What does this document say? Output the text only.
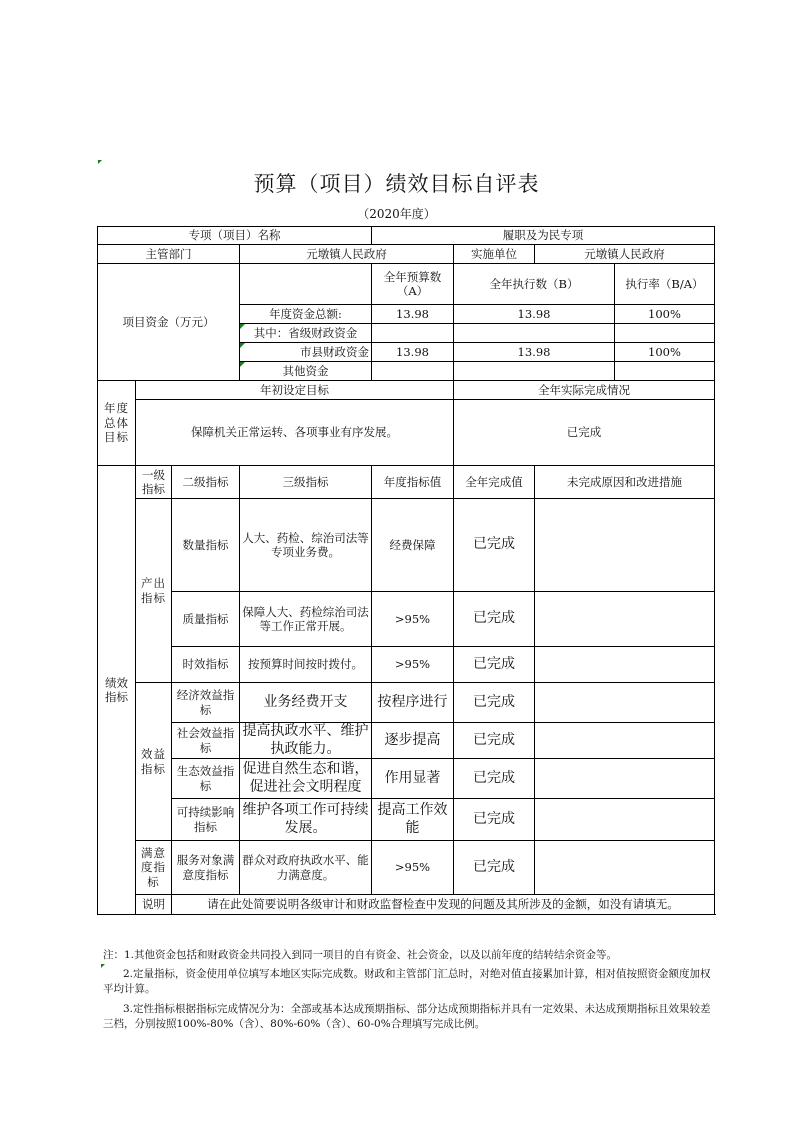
预算（项目）绩效目标自评表
（2020年度）
专项（项目）名称				履职及为民专项			
主管部门			元墩镇人民政府		实施单位	元墩镇人民政府	
项目资金（万元）				全年预算数（A）	全年执行数（B）		执行率（B/A）
			年度资金总额:	13.98	13.98		100%

其中：省级财政资金				

市县财政资金	13.98	13.98		100%

其他资金				
年度总体目标	年初设定目标				全年实际完成情况		
	保障机关正常运转、各项事业有序发展。				已完成		
绩效指标	一级指标	二级指标	三级指标	年度指标值	全年完成值	未完成原因和改进措施	
	产出指标	数量指标	人大、药检、综治司法等专项业务费。	经费保障	已完成		
		质量指标	保障人大、药检综治司法等工作正常开展。	>95%	已完成		
		时效指标	按预算时间按时拨付。	>95%	已完成		
	效益指标	经济效益指标	业务经费开支	按程序进行	已完成		
		社会效益指标	提高执政水平、维护执政能力。	逐步提高	已完成		
		生态效益指标	促进自然生态和谐，促进社会文明程度	作用显著	已完成		
		可持续影响指标	维护各项工作可持续发展。	提高工作效能	已完成		
	满意度指标	服务对象满意度指标	群众对政府执政水平、能力满意度。	>95%	已完成		
	说明	请在此处简要说明各级审计和财政监督检查中发现的问题及其所涉及的金额，如没有请填无。					

注：1.其他资金包括和财政资金共同投入到同一项目的自有资金、社会资金，以及以前年度的结转结余资金等。

2.定量指标，资金使用单位填写本地区实际完成数。财政和主管部门汇总时，对绝对值直接累加计算，相对值按照资金额度加权平均计算。

3.定性指标根据指标完成情况分为：全部或基本达成预期指标、部分达成预期指标并具有一定效果、未达成预期指标且效果较差三档，分别按照100%-80%（含）、80%-60%（含）、60-0%合理填写完成比例。
